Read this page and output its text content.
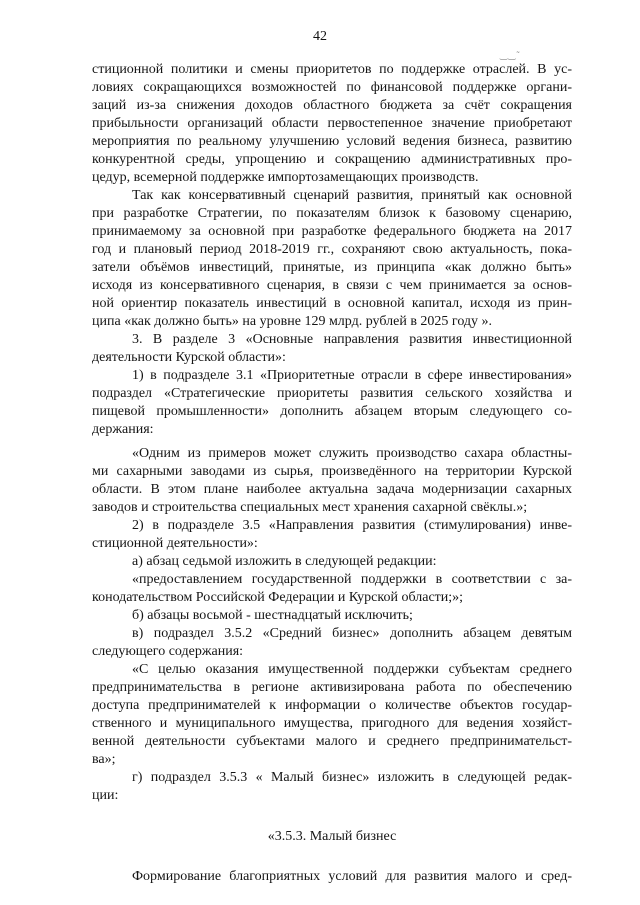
42
‿‿˜
стиционной политики и смены приоритетов по поддержке отраслей. В ус-
ловиях сокращающихся возможностей по финансовой поддержке органи-
заций из-за снижения доходов областного бюджета за счёт сокращения
прибыльности организаций области первостепенное значение приобретают
мероприятия по реальному улучшению условий ведения бизнеса, развитию
конкурентной среды, упрощению и сокращению административных про-
цедур, всемерной поддержке импортозамещающих производств.
Так как консервативный сценарий развития, принятый как основной
при разработке Стратегии, по показателям близок к базовому сценарию,
принимаемому за основной при разработке федерального бюджета на 2017
год и плановый период 2018-2019 гг., сохраняют свою актуальность, пока-
затели объёмов инвестиций, принятые, из принципа «как должно быть»
исходя из консервативного сценария, в связи с чем принимается за основ-
ной ориентир показатель инвестиций в основной капитал, исходя из прин-
ципа «как должно быть» на уровне 129 млрд. рублей в 2025 году ».
3. В разделе 3 «Основные направления развития инвестиционной
деятельности Курской области»:
1) в подразделе 3.1 «Приоритетные отрасли в сфере инвестирования»
подраздел «Стратегические приоритеты развития сельского хозяйства и
пищевой промышленности» дополнить абзацем вторым следующего со-
держания:
«Одним из примеров может служить производство сахара областны-
ми сахарными заводами из сырья, произведённого на территории Курской
области. В этом плане наиболее актуальна задача модернизации сахарных
заводов и строительства специальных мест хранения сахарной свёклы.»;
2) в подразделе 3.5 «Направления развития (стимулирования) инве-
стиционной деятельности»:
а) абзац седьмой изложить в следующей редакции:
«предоставлением государственной поддержки в соответствии с за-
конодательством Российской Федерации и Курской области;»;
б) абзацы восьмой - шестнадцатый исключить;
в) подраздел 3.5.2 «Средний бизнес» дополнить абзацем девятым
следующего содержания:
«С целью оказания имущественной поддержки субъектам среднего
предпринимательства в регионе активизирована работа по обеспечению
доступа предпринимателей к информации о количестве объектов государ-
ственного и муниципального имущества, пригодного для ведения хозяйст-
венной деятельности субъектами малого и среднего предпринимательст-
ва»;
г) подраздел 3.5.3 « Малый бизнес» изложить в следующей редак-
ции:
«3.5.3. Малый бизнес
Формирование благоприятных условий для развития малого и сред-
